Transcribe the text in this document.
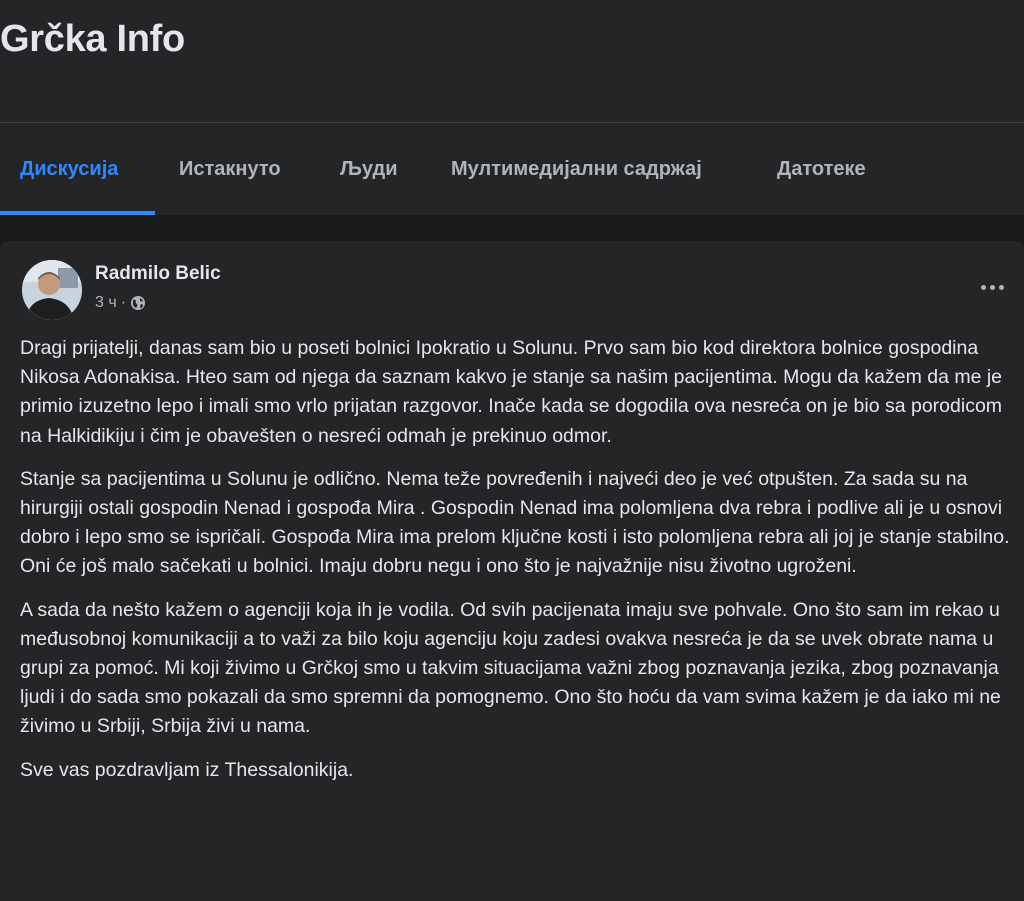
Grčka Info
Дискусија	Истакнуто	Људи	Мултимедијални садржај	Датотеке
Radmilo Belic
3 ч ·

Dragi prijatelji, danas sam bio u poseti bolnici Ipokratio u Solunu. Prvo sam bio kod direktora bolnice gospodina Nikosa Adonakisa. Hteo sam od njega da saznam kakvo je stanje sa našim pacijentima. Mogu da kažem da me je primio izuzetno lepo i imali smo vrlo prijatan razgovor. Inače kada se dogodila ova nesreća on je bio sa porodicom na Halkidikiju i čim je obavešten o nesreći odmah je prekinuo odmor.

Stanje sa pacijentima u Solunu je odlično. Nema teže povređenih i najveći deo je već otpušten. Za sada su na hirurgiji ostali gospodin Nenad i gospođa Mira . Gospodin Nenad ima polomljena dva rebra i podlive ali je u osnovi dobro i lepo smo se ispričali. Gospođa Mira ima prelom ključne kosti i isto polomljena rebra ali joj je stanje stabilno. Oni će još malo sačekati u bolnici. Imaju dobru negu i ono što je najvažnije nisu životno ugroženi.

A sada da nešto kažem o agenciji koja ih je vodila. Od svih pacijenata imaju sve pohvale. Ono što sam im rekao u međusobnoj komunikaciji a to važi za bilo koju agenciju koju zadesi ovakva nesreća je da se uvek obrate nama u grupi za pomoć. Mi koji živimo u Grčkoj smo u takvim situacijama važni zbog poznavanja jezika, zbog poznavanja ljudi i do sada smo pokazali da smo spremni da pomognemo. Ono što hoću da vam svima kažem je da iako mi ne živimo u Srbiji, Srbija živi u nama.

Sve vas pozdravljam iz Thessalonikija.
